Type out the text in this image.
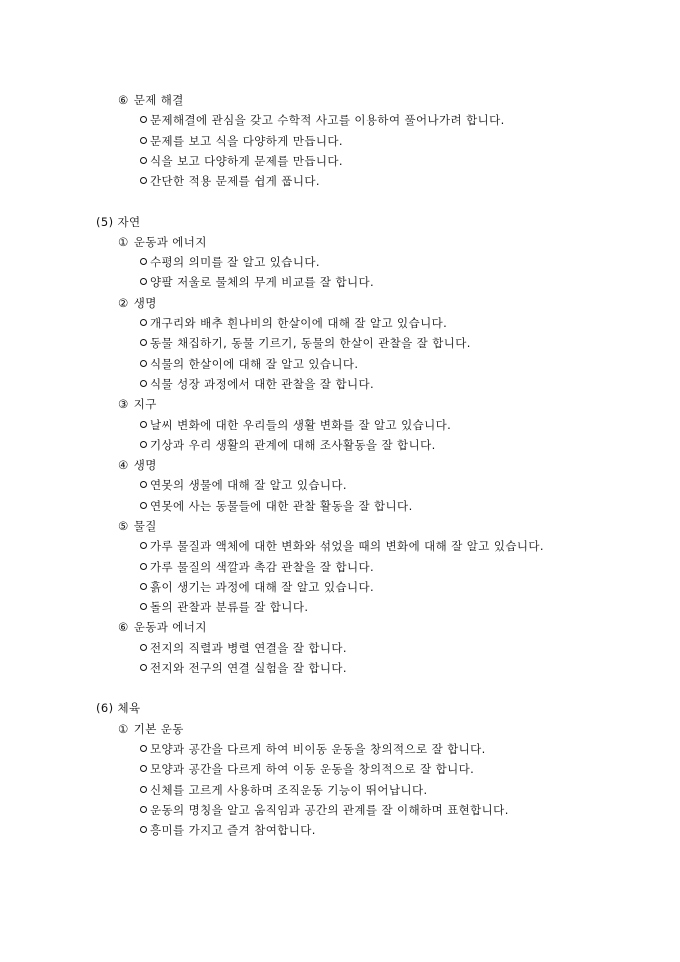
⑥ 문제 해결
문제해결에 관심을 갖고 수학적 사고를 이용하여 풀어나가려 합니다.
문제를 보고 식을 다양하게 만듭니다.
식을 보고 다양하게 문제를 만듭니다.
간단한 적용 문제를 쉽게 풉니다.
(5) 자연
① 운동과 에너지
수평의 의미를 잘 알고 있습니다.
양팔 저울로 물체의 무게 비교를 잘 합니다.
② 생명
개구리와 배추 흰나비의 한살이에 대해 잘 알고 있습니다.
동물 채집하기, 동물 기르기, 동물의 한살이 관찰을 잘 합니다.
식물의 한살이에 대해 잘 알고 있습니다.
식물 성장 과정에서 대한 관찰을 잘 합니다.
③ 지구
날씨 변화에 대한 우리들의 생활 변화를 잘 알고 있습니다.
기상과 우리 생활의 관계에 대해 조사활동을 잘 합니다.
④ 생명
연못의 생물에 대해 잘 알고 있습니다.
연못에 사는 동물들에 대한 관찰 활동을 잘 합니다.
⑤ 물질
가루 물질과 액체에 대한 변화와 섞었을 때의 변화에 대해 잘 알고 있습니다.
가루 물질의 색깔과 촉감 관찰을 잘 합니다.
흙이 생기는 과정에 대해 잘 알고 있습니다.
돌의 관찰과 분류를 잘 합니다.
⑥ 운동과 에너지
전지의 직렬과 병렬 연결을 잘 합니다.
전지와 전구의 연결 실험을 잘 합니다.
(6) 체육
① 기본 운동
모양과 공간을 다르게 하여 비이동 운동을 창의적으로 잘 합니다.
모양과 공간을 다르게 하여 이동 운동을 창의적으로 잘 합니다.
신체를 고르게 사용하며 조직운동 기능이 뛰어납니다.
운동의 명칭을 알고 움직임과 공간의 관계를 잘 이해하며 표현합니다.
흥미를 가지고 즐겨 참여합니다.
